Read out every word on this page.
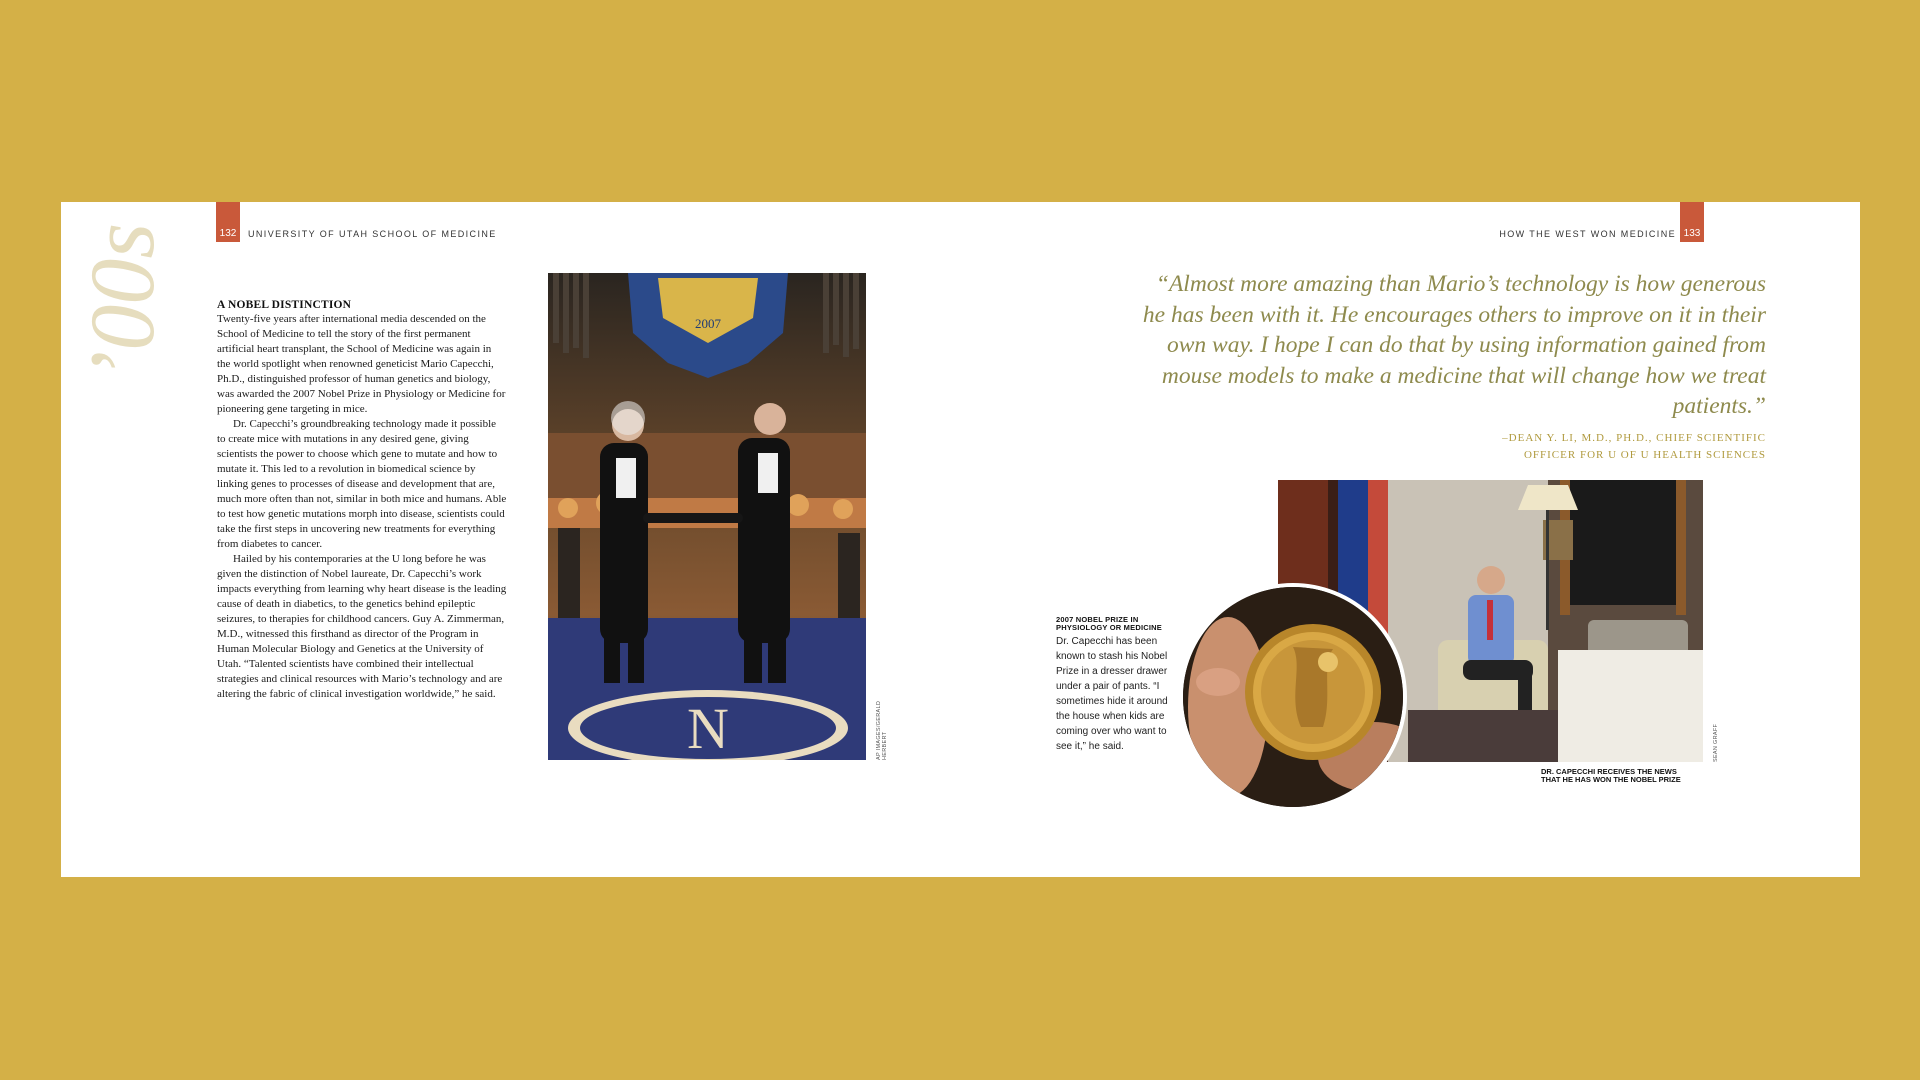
’00s	132	UNIVERSITY OF UTAH SCHOOL OF MEDICINE
A NOBEL DISTINCTION

Twenty-five years after international media descended on the School of Medicine to tell the story of the first permanent artificial heart transplant, the School of Medicine was again in the world spotlight when renowned geneticist Mario Capecchi, Ph.D., distinguished professor of human genetics and biology, was awarded the 2007 Nobel Prize in Physiology or Medicine for pioneering gene targeting in mice.

Dr. Capecchi’s groundbreaking technology made it possible to create mice with mutations in any desired gene, giving scientists the power to choose which gene to mutate and how to mutate it. This led to a revolution in biomedical science by linking genes to processes of disease and development that are, much more often than not, similar in both mice and humans. Able to test how genetic mutations morph into disease, scientists could take the first steps in uncovering new treatments for everything from diabetes to cancer.

Hailed by his contemporaries at the U long before he was given the distinction of Nobel laureate, Dr. Capecchi’s work impacts everything from learning why heart disease is the leading cause of death in diabetics, to the genetics behind epileptic seizures, to therapies for childhood cancers. Guy A. Zimmerman, M.D., witnessed this firsthand as director of the Program in Human Molecular Biology and Genetics at the University of Utah. “Talented scientists have combined their intellectual strategies and clinical resources with Mario’s technology and are altering the fabric of clinical investigation worldwide,” he said.

2007
N	AP IMAGES/GERALD HERBERT
133
HOW THE WEST WON MEDICINE
“Almost more amazing than Mario’s technology is how generous he has been with it. He encourages others to improve on it in their own way. I hope I can do that by using information gained from mouse models to make a medicine that will change how we treat patients.”
–DEAN Y. LI, M.D., PH.D., CHIEF SCIENTIFIC
OFFICER FOR U OF U HEALTH SCIENCES
SEAN GRAFF
2007 NOBEL PRIZE IN
PHYSIOLOGY OR MEDICINE
Dr. Capecchi has been known to stash his Nobel Prize in a dresser drawer under a pair of pants. “I sometimes hide it around the house when kids are coming over who want to see it,” he said.
DR. CAPECCHI RECEIVES THE NEWS
THAT HE HAS WON THE NOBEL PRIZE
